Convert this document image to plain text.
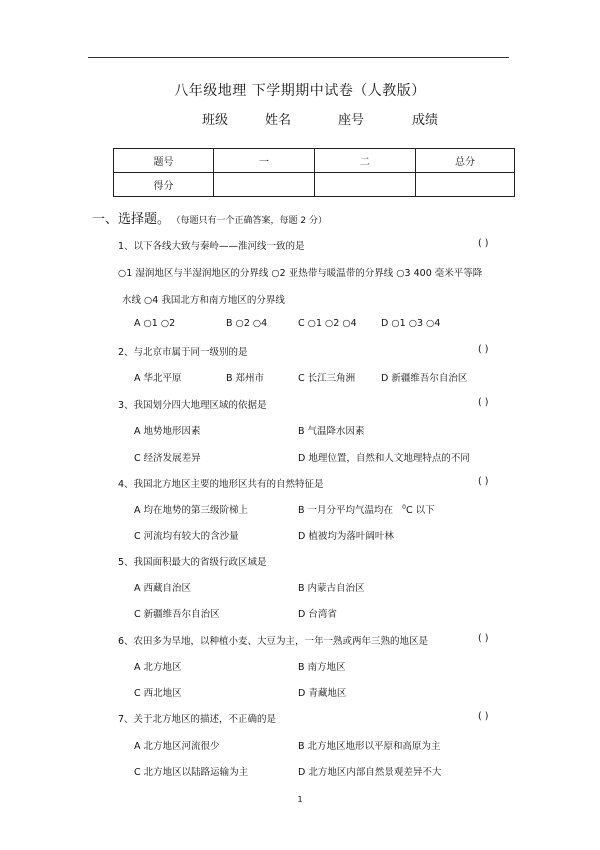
八年级地理 下学期期中试卷（人教版）
班级	姓名	座号	成绩
题号	一	二	总分
得分			
一、选择题。 （每题只有一个正确答案，每题 2 分）
1、以下各线大致与秦岭——淮河线一致的是	( )
○1 湿润地区与半湿润地区的分界线 ○2 亚热带与暖温带的分界线 ○3 400 毫米平等降
水线 ○4 我国北方和南方地区的分界线
A ○1 ○2	B ○2 ○4	C ○1 ○2 ○4	D ○1 ○3 ○4
2、与北京市属于同一级别的是	( )
A 华北平原	B 郑州市	C 长江三角洲	D 新疆维吾尔自治区
3、我国划分四大地理区域的依据是	( )
A 地势地形因素	B 气温降水因素
C 经济发展差异	D 地理位置，自然和人文地理特点的不同
4、我国北方地区主要的地形区共有的自然特征是	( )
A 均在地势的第三级阶梯上	B 一月分平均气温均在 $^0$C 以下
C 河流均有较大的含沙量	D 植被均为落叶阔叶林
5、我国面积最大的省级行政区域是
A 西藏自治区	B 内蒙古自治区
C 新疆维吾尔自治区	D 台湾省
6、农田多为旱地，以种植小麦、大豆为主，一年一熟或两年三熟的地区是	( )
A 北方地区	B 南方地区
C 西北地区	D 青藏地区
7、关于北方地区的描述，不正确的是	( )
A 北方地区河流很少	B 北方地区地形以平原和高原为主
C 北方地区以陆路运输为主	D 北方地区内部自然景观差异不大
1
